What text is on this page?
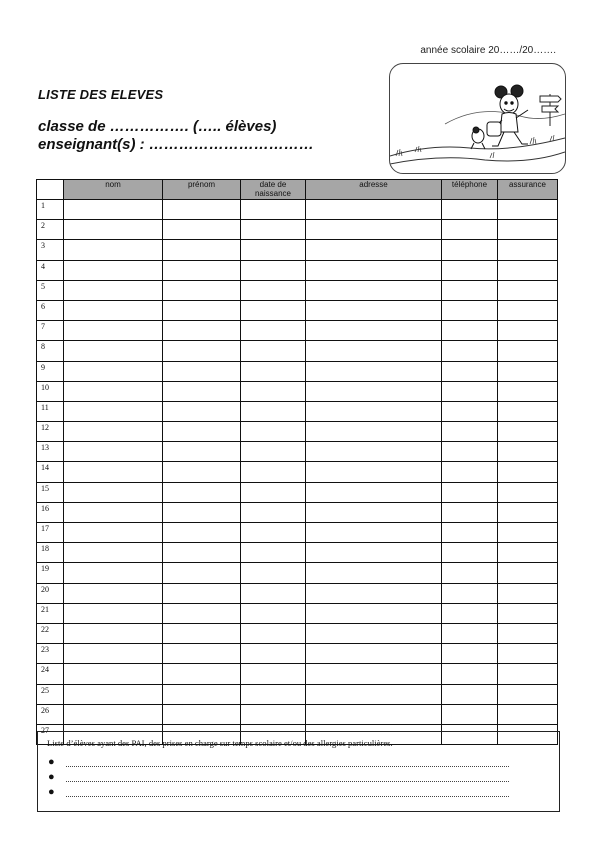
année scolaire 20……/20…….
LISTE DES ELEVES
classe de ……………. (….. élèves)
enseignant(s) : ……………………………
	nom	prénom	date de naissance	adresse	téléphone	assurance
1						
2						
3						
4						
5						
6						
7						
8						
9						
10						
11						
12						
13						
14						
15						
16						
17						
18						
19						
20						
21						
22						
23						
24						
25						
26						
27						
Liste d’élèves ayant des PAI, des prises en charge sur temps scolaire et/ou des allergies particulières.
●
●
●
